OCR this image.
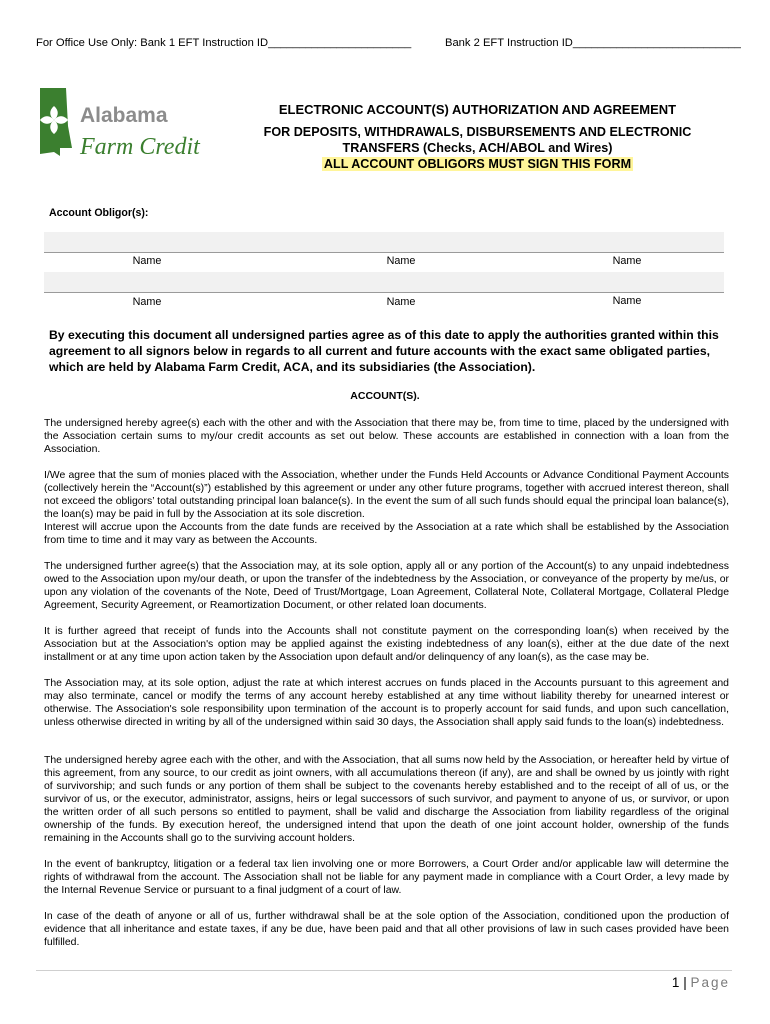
For Office Use Only: Bank 1 EFT Instruction ID_______________________	Bank 2 EFT Instruction ID___________________________
Alabama
Farm Credit
ELECTRONIC ACCOUNT(S) AUTHORIZATION AND AGREEMENT
FOR DEPOSITS, WITHDRAWALS, DISBURSEMENTS AND ELECTRONIC
TRANSFERS (Checks, ACH/ABOL and Wires)
ALL ACCOUNT OBLIGORS MUST SIGN THIS FORM
Account Obligor(s):
Name	Name	Name
Name	Name	Name
By executing this document all undersigned parties agree as of this date to apply the authorities granted within this agreement to all signors below in regards to all current and future accounts with the exact same obligated parties, which are held by Alabama Farm Credit, ACA, and its subsidiaries (the Association).
ACCOUNT(S).
The undersigned hereby agree(s) each with the other and with the Association that there may be, from time to time, placed by the undersigned with the Association certain sums to my/our credit accounts as set out below. These accounts are established in connection with a loan from the Association.
I/We agree that the sum of monies placed with the Association, whether under the Funds Held Accounts or Advance Conditional Payment Accounts (collectively herein the “Account(s)”) established by this agreement or under any other future programs, together with accrued interest thereon, shall not exceed the obligors’ total outstanding principal loan balance(s). In the event the sum of all such funds should equal the principal loan balance(s), the loan(s) may be paid in full by the Association at its sole discretion.
Interest will accrue upon the Accounts from the date funds are received by the Association at a rate which shall be established by the Association from time to time and it may vary as between the Accounts.
The undersigned further agree(s) that the Association may, at its sole option, apply all or any portion of the Account(s) to any unpaid indebtedness owed to the Association upon my/our death, or upon the transfer of the indebtedness by the Association, or conveyance of the property by me/us, or upon any violation of the covenants of the Note, Deed of Trust/Mortgage, Loan Agreement, Collateral Note, Collateral Mortgage, Collateral Pledge Agreement, Security Agreement, or Reamortization Document, or other related loan documents.
It is further agreed that receipt of funds into the Accounts shall not constitute payment on the corresponding loan(s) when received by the Association but at the Association's option may be applied against the existing indebtedness of any loan(s), either at the due date of the next installment or at any time upon action taken by the Association upon default and/or delinquency of any loan(s), as the case may be.
The Association may, at its sole option, adjust the rate at which interest accrues on funds placed in the Accounts pursuant to this agreement and may also terminate, cancel or modify the terms of any account hereby established at any time without liability thereby for unearned interest or otherwise. The Association's sole responsibility upon termination of the account is to properly account for said funds, and upon such cancellation, unless otherwise directed in writing by all of the undersigned within said 30 days, the Association shall apply said funds to the loan(s) indebtedness.
The undersigned hereby agree each with the other, and with the Association, that all sums now held by the Association, or hereafter held by virtue of this agreement, from any source, to our credit as joint owners, with all accumulations thereon (if any), are and shall be owned by us jointly with right of survivorship; and such funds or any portion of them shall be subject to the covenants hereby established and to the receipt of all of us, or the survivor of us, or the executor, administrator, assigns, heirs or legal successors of such survivor, and payment to anyone of us, or survivor, or upon the written order of all such persons so entitled to payment, shall be valid and discharge the Association from liability regardless of the original ownership of the funds. By execution hereof, the undersigned intend that upon the death of one joint account holder, ownership of the funds remaining in the Accounts shall go to the surviving account holders.
In the event of bankruptcy, litigation or a federal tax lien involving one or more Borrowers, a Court Order and/or applicable law will determine the rights of withdrawal from the account. The Association shall not be liable for any payment made in compliance with a Court Order, a levy made by the Internal Revenue Service or pursuant to a final judgment of a court of law.
In case of the death of anyone or all of us, further withdrawal shall be at the sole option of the Association, conditioned upon the production of evidence that all inheritance and estate taxes, if any be due, have been paid and that all other provisions of law in such cases provided have been fulfilled.
1 | Page
